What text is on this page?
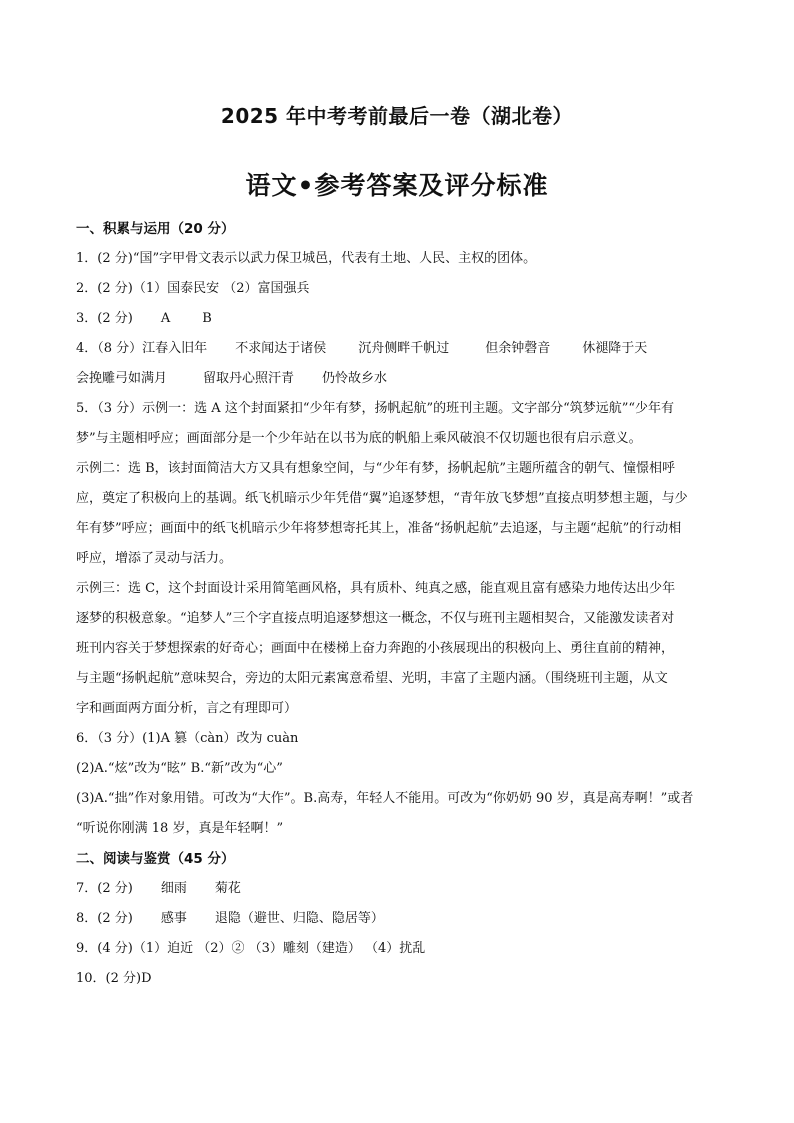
2025 年中考考前最后一卷（湖北卷）
语文•参考答案及评分标准
一、积累与运用（20 分）
1．(2 分)“国”字甲骨文表示以武力保卫城邑，代表有土地、人民、主权的团体。
2．(2 分)（1）国泰民安 （2）富国强兵
3．(2 分) A B
4．（8 分）江春入旧年 不求闻达于诸侯 沉舟侧畔千帆过	但余钟磬音 休褪降于天
会挽雕弓如满月	留取丹心照汗青 仍怜故乡水
5．（3 分）示例一：选 A 这个封面紧扣“少年有梦，扬帆起航”的班刊主题。文字部分“筑梦远航”“少年有
梦”与主题相呼应；画面部分是一个少年站在以书为底的帆船上乘风破浪不仅切题也很有启示意义。
示例二：选 B，该封面简洁大方又具有想象空间，与“少年有梦，扬帆起航”主题所蕴含的朝气、憧憬相呼
应，奠定了积极向上的基调。纸飞机暗示少年凭借“翼”追逐梦想，“青年放飞梦想”直接点明梦想主题，与少
年有梦”呼应；画面中的纸飞机暗示少年将梦想寄托其上，准备“扬帆起航”去追逐，与主题“起航”的行动相
呼应，增添了灵动与活力。
示例三：选 C，这个封面设计采用简笔画风格，具有质朴、纯真之感，能直观且富有感染力地传达出少年
逐梦的积极意象。“追梦人”三个字直接点明追逐梦想这一概念，不仅与班刊主题相契合，又能激发读者对
班刊内容关于梦想探索的好奇心；画面中在楼梯上奋力奔跑的小孩展现出的积极向上、勇往直前的精神，
与主题“扬帆起航”意味契合，旁边的太阳元素寓意希望、光明，丰富了主题内涵。（围绕班刊主题，从文
字和画面两方面分析，言之有理即可）
6．（3 分）(1)A 篡（càn）改为 cuàn
(2)A.“炫”改为“眩” B.“新”改为“心”
(3)A.“拙”作对象用错。可改为“大作”。B.高寿，年轻人不能用。可改为“你奶奶 90 岁，真是高寿啊！”或者
“听说你刚满 18 岁，真是年轻啊！”
二、阅读与鉴赏（45 分）
7．(2 分) 细雨 菊花
8．(2 分) 感事 退隐（避世、归隐、隐居等）
9．(4 分)（1）迫近 （2）② （3）雕刻（建造） （4）扰乱
10．(2 分)D
